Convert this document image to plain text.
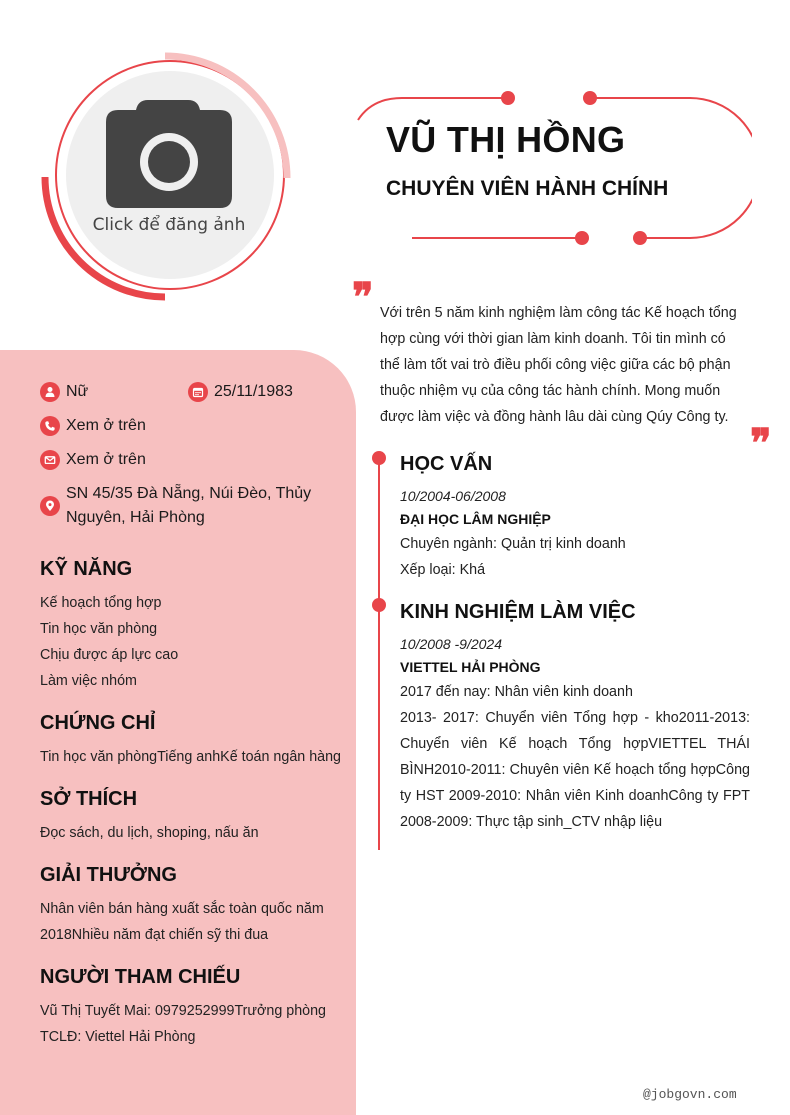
Click để đăng ảnh
VŨ THỊ HỒNG
CHUYÊN VIÊN HÀNH CHÍNH
❞ Với trên 5 năm kinh nghiệm làm công tác Kế hoạch tổng hợp cùng với thời gian làm kinh doanh. Tôi tin mình có thể làm tốt vai trò điều phối công việc giữa các bộ phận thuộc nhiệm vụ của công tác hành chính. Mong muốn được làm việc và đồng hành lâu dài cùng Qúy Công ty.
❞
Nữ	25/11/1983
Xem ở trên
Xem ở trên
SN 45/35 Đà Nẵng, Núi Đèo, Thủy
Nguyên, Hải Phòng
KỸ NĂNG
Kế hoạch tổng hợp
Tin học văn phòng
Chịu được áp lực cao
Làm việc nhóm
CHỨNG CHỈ
Tin học văn phòngTiếng anhKế toán ngân hàng
SỞ THÍCH
Đọc sách, du lịch, shoping, nấu ăn
GIẢI THƯỞNG
Nhân viên bán hàng xuất sắc toàn quốc năm
2018Nhiều năm đạt chiến sỹ thi đua
NGƯỜI THAM CHIẾU
Vũ Thị Tuyết Mai: 0979252999Trưởng phòng
TCLĐ: Viettel Hải Phòng
HỌC VẤN
10/2004-06/2008
ĐẠI HỌC LÂM NGHIỆP
Chuyên ngành: Quản trị kinh doanh
Xếp loại: Khá
KINH NGHIỆM LÀM VIỆC
10/2008 -9/2024
VIETTEL HẢI PHÒNG
2017 đến nay: Nhân viên kinh doanh
2013- 2017: Chuyển viên Tổng hợp - kho2011-2013: Chuyển viên Kế hoạch Tổng hợpVIETTEL THÁI BÌNH2010-2011: Chuyên viên Kế hoạch tổng hợpCông ty HST 2009-2010: Nhân viên Kinh doanhCông ty FPT 2008-2009: Thực tập sinh_CTV nhập liệu
@jobgovn.com
